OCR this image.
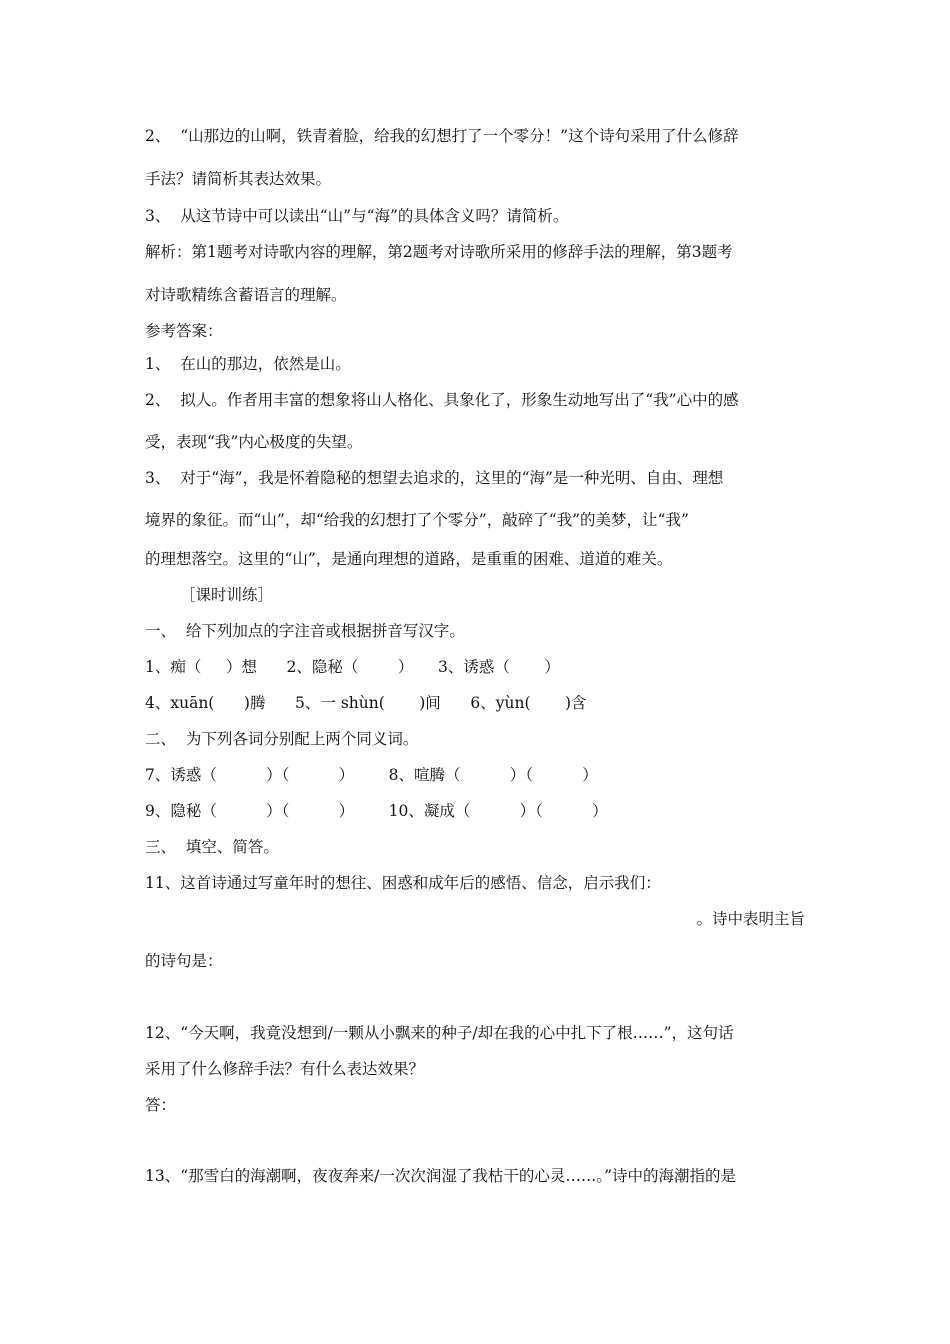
2、  “山那边的山啊，铁青着脸，给我的幻想打了一个零分！”这个诗句采用了什么修辞
手法？请简析其表达效果。
3、  从这节诗中可以读出“山”与“海”的具体含义吗？请简析。
解析：第1题考对诗歌内容的理解，第2题考对诗歌所采用的修辞手法的理解，第3题考
对诗歌精练含蓄语言的理解。
参考答案：
1、  在山的那边，依然是山。
2、  拟人。作者用丰富的想象将山人格化、具象化了，形象生动地写出了“我”心中的感
受，表现“我”内心极度的失望。
3、  对于“海”，我是怀着隐秘的想望去追求的，这里的“海”是一种光明、自由、理想
境界的象征。而“山”，却“给我的幻想打了个零分”，敲碎了“我”的美梦，让“我”
的理想落空。这里的“山”，是通向理想的道路，是重重的困难、道道的难关。
［课时训练］
一、  给下列加点的字注音或根据拼音写汉字。
1、痴（     ）想      2、隐秘（        ）     3、诱惑（       ）
4、xuān(      )腾      5、一 shùn(       )间      6、yùn(       )含
二、  为下列各词分别配上两个同义词。
7、诱惑（          ）（          ）       8、喧腾（          ）（          ）
9、隐秘（          ）（          ）       10、凝成（          ）（          ）
三、  填空、简答。
11、这首诗通过写童年时的想往、困惑和成年后的感悟、信念，启示我们：
。诗中表明主旨
的诗句是：
12、“今天啊，我竟没想到/一颗从小飘来的种子/却在我的心中扎下了根……”，这句话
采用了什么修辞手法？有什么表达效果？
答：
13、“那雪白的海潮啊，夜夜奔来/一次次润湿了我枯干的心灵……。”诗中的海潮指的是
